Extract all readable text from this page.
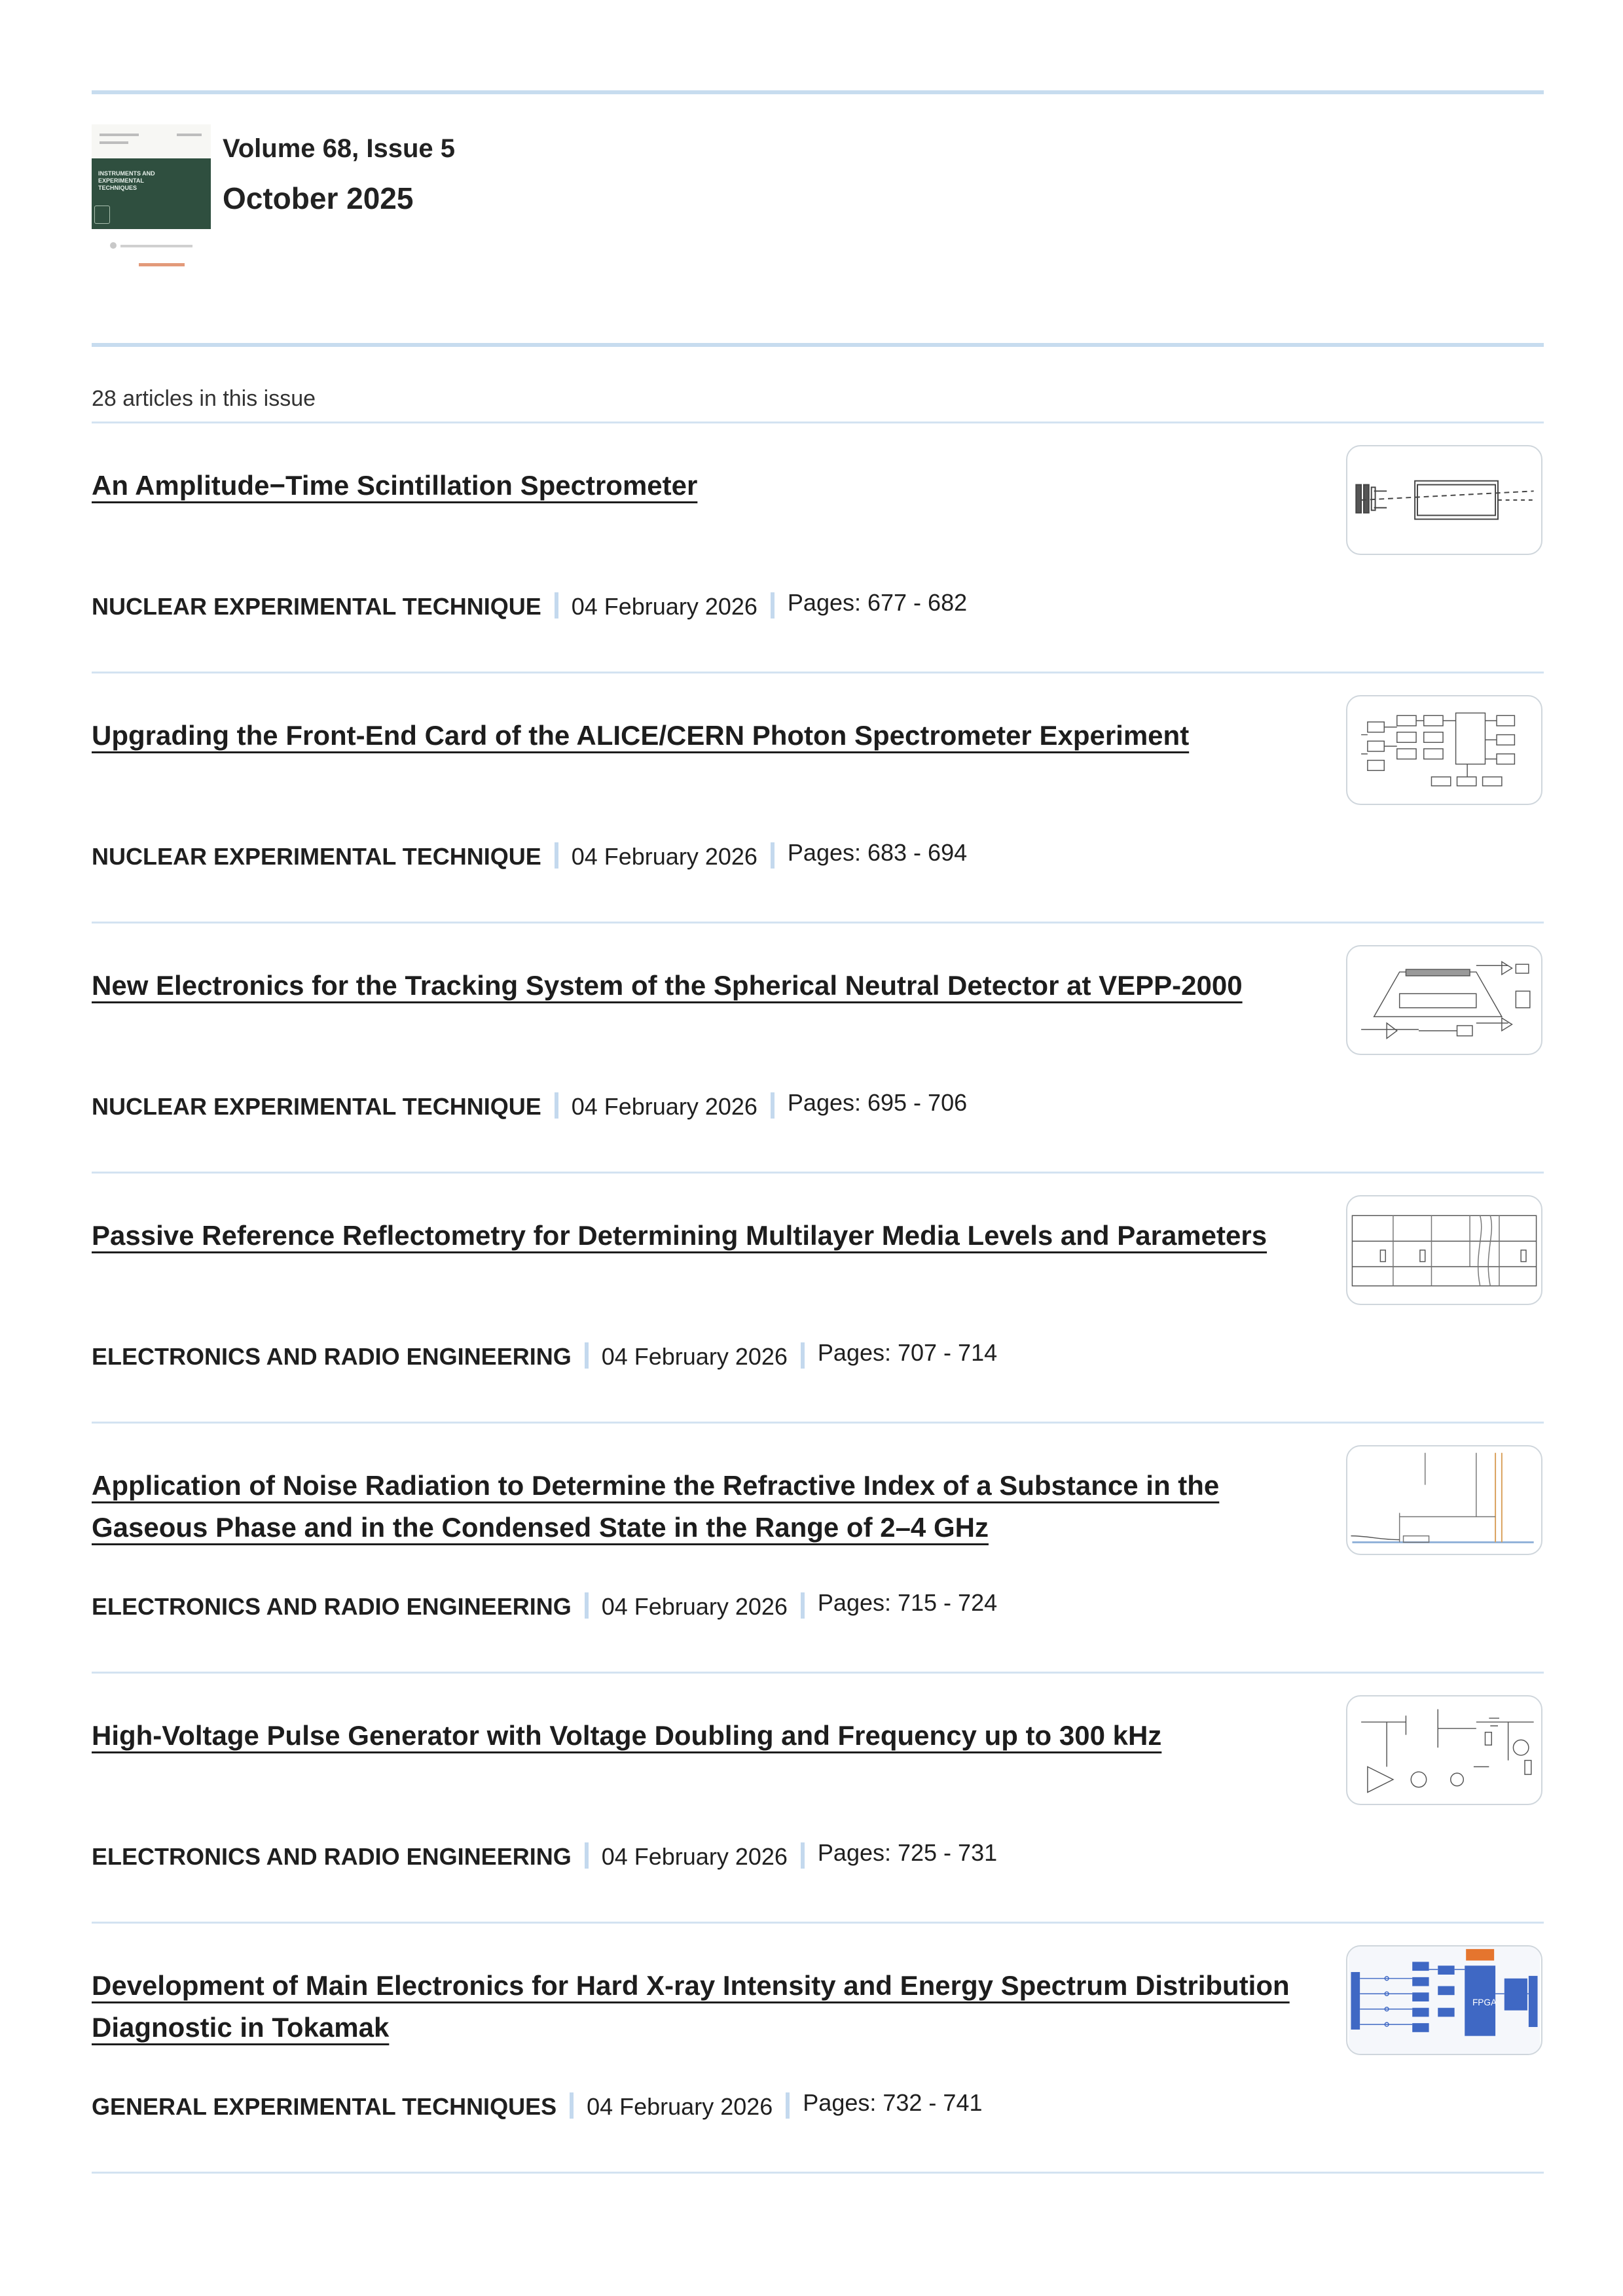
INSTRUMENTS AND EXPERIMENTAL TECHNIQUES
Volume 68, Issue 5
October 2025
28 articles in this issue
An Amplitude−Time Scintillation Spectrometer
NUCLEAR EXPERIMENTAL TECHNIQUE 04 February 2026 Pages: 677 - 682
Upgrading the Front-End Card of the ALICE/CERN Photon Spectrometer Experiment
NUCLEAR EXPERIMENTAL TECHNIQUE 04 February 2026 Pages: 683 - 694
New Electronics for the Tracking System of the Spherical Neutral Detector at VEPP-2000
NUCLEAR EXPERIMENTAL TECHNIQUE 04 February 2026 Pages: 695 - 706
Passive Reference Reflectometry for Determining Multilayer Media Levels and Parameters
ELECTRONICS AND RADIO ENGINEERING 04 February 2026 Pages: 707 - 714
Application of Noise Radiation to Determine the Refractive Index of a Substance in the Gaseous Phase and in the Condensed State in the Range of 2–4 GHz
ELECTRONICS AND RADIO ENGINEERING 04 February 2026 Pages: 715 - 724
High-Voltage Pulse Generator with Voltage Doubling and Frequency up to 300 kHz
ELECTRONICS AND RADIO ENGINEERING 04 February 2026 Pages: 725 - 731
Development of Main Electronics for Hard X-ray Intensity and Energy Spectrum Distribution Diagnostic in Tokamak
GENERAL EXPERIMENTAL TECHNIQUES 04 February 2026 Pages: 732 - 741
FPGA
